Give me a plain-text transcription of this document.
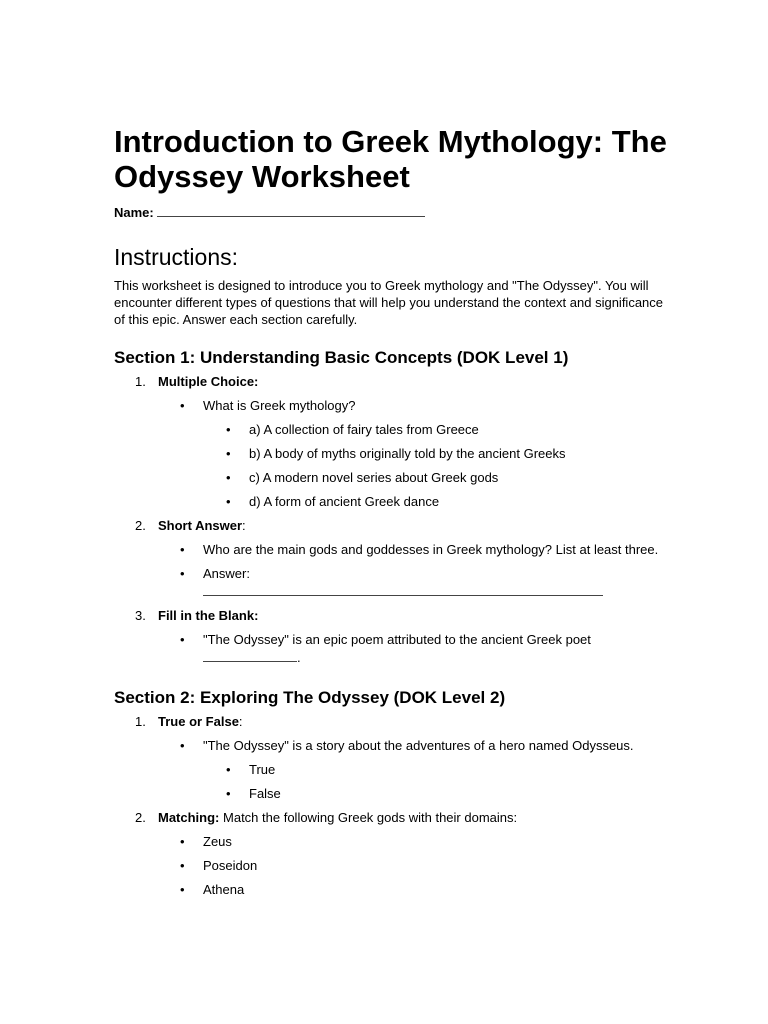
Introduction to Greek Mythology: The Odyssey Worksheet
Name:
Instructions:

This worksheet is designed to introduce you to Greek mythology and "The Odyssey". You will encounter different types of questions that will help you understand the context and significance of this epic. Answer each section carefully.

Section 1: Understanding Basic Concepts (DOK Level 1)
1. Multiple Choice:
• What is Greek mythology?
• a) A collection of fairy tales from Greece
• b) A body of myths originally told by the ancient Greeks
• c) A modern novel series about Greek gods
• d) A form of ancient Greek dance
2. Short Answer:
• Who are the main gods and goddesses in Greek mythology? List at least three.
• Answer:

3. Fill in the Blank:
• "The Odyssey" is an epic poem attributed to the ancient Greek poet .
Section 2: Exploring The Odyssey (DOK Level 2)
1. True or False:
• "The Odyssey" is a story about the adventures of a hero named Odysseus.
• True
• False
2. Matching: Match the following Greek gods with their domains:
• Zeus
• Poseidon
• Athena
